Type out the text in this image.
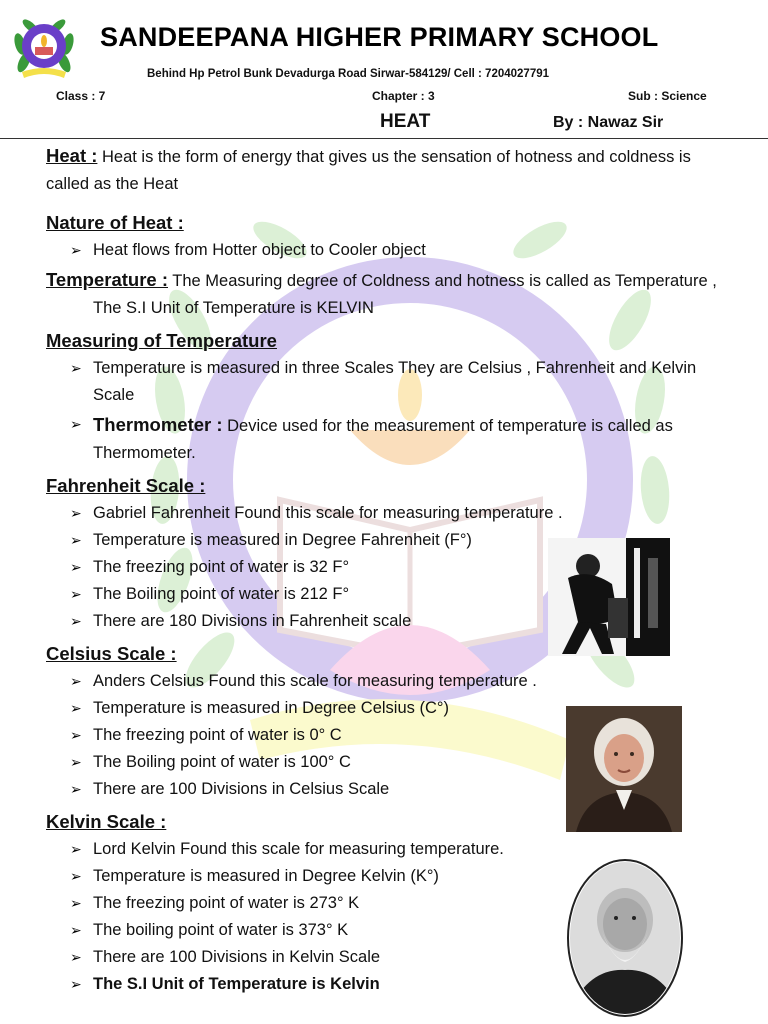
SANDEEPANA HIGHER PRIMARY SCHOOL
Behind Hp Petrol Bunk Devadurga Road Sirwar-584129/ Cell : 7204027791
Class : 7	Chapter : 3	Sub : Science
HEAT	By : Nawaz Sir

Heat : Heat is the form of energy that gives us the sensation of hotness and coldness is called as the Heat

Nature of Heat :
➢ Heat flows from Hotter object to Cooler object

Temperature : The Measuring degree of Coldness and hotness is called as Temperature , The S.I Unit of Temperature is KELVIN

Measuring of Temperature
➢ Temperature is measured in three Scales They are Celsius , Fahrenheit and Kelvin Scale
➢ Thermometer : Device used for the measurement of temperature is called as Thermometer.
Fahrenheit Scale :
➢ Gabriel Fahrenheit Found this scale for measuring temperature .
➢ Temperature is measured in Degree Fahrenheit (F°)
➢ The freezing point of water is 32 F°
➢ The Boiling point of water is 212 F°
➢ There are 180 Divisions in Fahrenheit scale
Celsius Scale :
➢ Anders Celsius Found this scale for measuring temperature .
➢ Temperature is measured in Degree Celsius (C°)
➢ The freezing point of water is 0° C
➢ The Boiling point of water is 100° C
➢ There are 100 Divisions in Celsius Scale
Kelvin Scale :
➢ Lord Kelvin Found this scale for measuring temperature.
➢ Temperature is measured in Degree Kelvin (K°)
➢ The freezing point of water is 273° K
➢ The boiling point of water is 373° K
➢ There are 100 Divisions in Kelvin Scale
➢ The S.I Unit of Temperature is Kelvin
